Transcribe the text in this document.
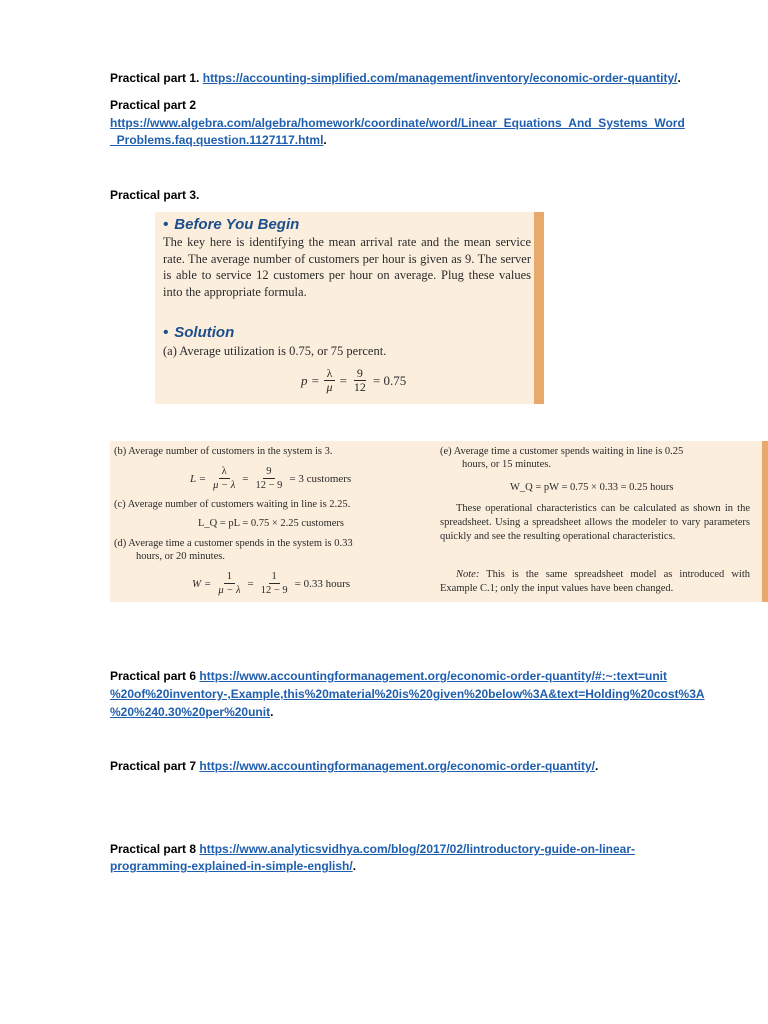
Practical part 1. https://accounting-simplified.com/management/inventory/economic-order-quantity/.
Practical part 2
https://www.algebra.com/algebra/homework/coordinate/word/Linear_Equations_And_Systems_Word
_Problems.faq.question.1127117.html.
Practical part 3.
• Before You Begin
The key here is identifying the mean arrival rate and the mean service rate. The average number of customers per hour is given as 9. The server is able to service 12 customers per hour on average. Plug these values into the appropriate formula.
• Solution
(a) Average utilization is 0.75, or 75 percent.
$p = \frac{\lambda}{\mu} = \frac{9}{12} = 0.75$
(b) Average number of customers in the system is 3.
$L = \frac{\lambda}{\mu - \lambda} = \frac{9}{12 - 9} = 3$ customers
(c) Average number of customers waiting in line is 2.25.
L_Q = pL = 0.75 × 2.25 customers
(d) Average time a customer spends in the system is 0.33
hours, or 20 minutes.
$W = \frac{1}{\mu - \lambda} = \frac{1}{12 - 9} = 0.33$ hours
(e) Average time a customer spends waiting in line is 0.25
hours, or 15 minutes.
W_Q = pW = 0.75 × 0.33 = 0.25 hours
These operational characteristics can be calculated as shown in the spreadsheet. Using a spreadsheet allows the modeler to vary parameters quickly and see the resulting operational characteristics.
Note: This is the same spreadsheet model as introduced with Example C.1; only the input values have been changed.
Practical part 6 https://www.accountingformanagement.org/economic-order-quantity/#:~:text=unit
%20of%20inventory-,Example,this%20material%20is%20given%20below%3A&text=Holding%20cost%3A
%20%240.30%20per%20unit.
Practical part 7 https://www.accountingformanagement.org/economic-order-quantity/.
Practical part 8 https://www.analyticsvidhya.com/blog/2017/02/lintroductory-guide-on-linear-
programming-explained-in-simple-english/.
